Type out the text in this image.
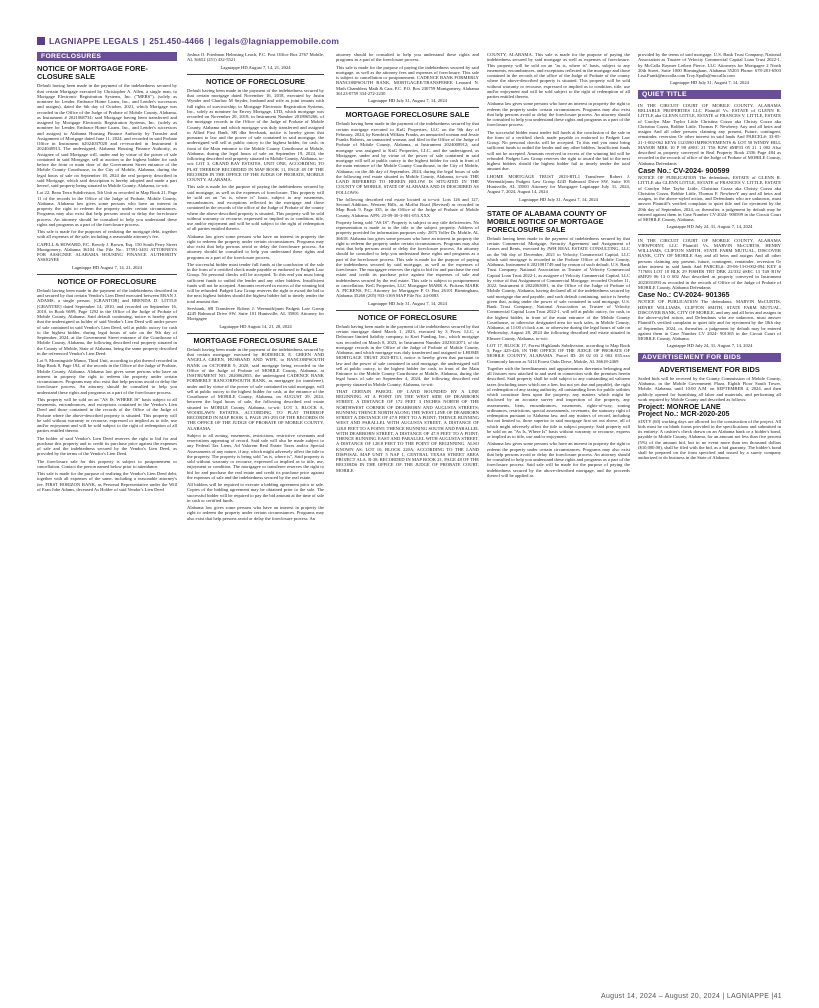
LAGNIAPPE LEGALS | 251.450-4466 | legals@lagniappemobile.com
FORECLOSURES
NOTICE OF MORTGAGE FORE-CLOSURE SALE

Default having been made in the payment of the indebtedness secured by that certain Mortgage executed by Christopher A. Allen, a single man, to Mortgage Electronic Registration Systems, Inc. ("MERS"), (solely as nominee for Lender, Embrace Home Loans, Inc., and Lender's successors and assigns), dated the 6th day of October, 2021, which Mortgage was recorded in the Office of the Judge of Probate of Mobile County, Alabama, as Instrument # 2021068734; said Mortgage having been transferred and assigned by Mortgage Electronic Registration Systems, Inc. (solely as nominee for Lender, Embrace Home Loans, Inc., and Lender's successors and assigns) to Alabama Housing Finance Authority by Transfer and Assignment of Mortgage dated June 11, 2024, and recorded in said Probate Office in Instrument #2024037020 and re-recorded in Instrument # 2024040913. The undersigned, Alabama Housing Finance Authority, as Assignee of said Mortgage will, under and by virtue of the power of sale contained in said Mortgage, sell at auction to the highest bidder for cash before the front or main door of the Government Street entrance of the Mobile County Courthouse, in the City of Mobile, Alabama, during the legal hours of sale on September 18, 2024 the real property described in said Mortgage, which said description is hereby adopted and made a part hereof, said property being situated in Mobile County, Alabama, to-wit:

Lot 22, Beau Terra Subdivision, 5th Unit as recorded in Map Book 21, Page 11 of the records in the Office of the Judge of Probate, Mobile County, Alabama. Alabama law gives some persons who have an interest in property the right to redeem the property under certain circumstances. Programs may also exist that help persons avoid or delay the foreclosure process. An attorney should be consulted to help you understand these rights and programs as a part of the foreclosure process.

This sale is made for the purposes of realizing the mortgage debt, together with all expenses of the sale, including a reasonable attorney's fee.

CAPELL & HOWARD, P.C. Bowdy J. Brown, Esq. 150 South Perry Street Montgomery, Alabama 36104 Our File No.: 37591-3401 ATTORNEYS FOR ASSIGNEE ALABAMA HOUSING FINANCE AUTHORITY ASSIGNEE

Lagniappe HD August 7, 14, 21, 2024
NOTICE OF FORECLOSURE

Default having been made in the payment of the indebtedness described in and secured by that certain Vendor's Lien Deed executed between ERAN J. ADAMS, a single person, [GRANTOR] and BRENDA D. LITTLE [GRANTEE] dated September 14, 2010, and recorded on September 16, 2010, in Book 6699, Page 1292 in the Office of the Judge of Probate of Mobile County, Alabama. Said default continuing, notice is hereby given that the undersigned as holder of said Vendor's Lien Deed will under power of sale contained in said Vendor's Lien Deed, sell at public outcry for cash to the highest bidder, during legal hours of sale on the 9th day of September, 2024, at the Government Street entrance of the Courthouse of Mobile County, Alabama, the following described real property situated in the County of Mobile, State of Alabama, being the same property described in the referenced Vendor's Lien Deed:

Lot 9, Morningside Manor, Third Unit, according to plat thereof recorded in Map Book 8, Page 194, of the records in the Office of the Judge of Probate, Mobile County, Alabama. Alabama law gives some persons who have an interest in property the right to redeem the property under certain circumstances. Programs may also exist that help persons avoid or delay the foreclosure process. An attorney should be consulted to help you understand these rights and programs as a part of the foreclosure process.

This property will be sold on an "AS IS, WHERE IS" basis subject to all easements, encumbrances, and exceptions contained in the Vendor's Lien Deed and those contained in the records of the Office of the Judge of Probate where the above-described property is situated. This property will be sold without warranty or recourse, expressed or implied as to title, use and/or enjoyment and will be sold subject to the right of redemption of all parties entitled thereto.

The holder of said Vendor's Lien Deed reserves the right to bid for and purchase this property and to credit its purchase price against the expenses of sale and the indebtedness secured by the Vendor's Lien Deed, as provided by the terms of the Vendor's Lien Deed.

The foreclosure sale for this property is subject to postponement or cancellation. Contact the person named below prior to attendance.

This sale is made for the purpose of realizing the Vendor's Lien Deed debt, together with all expenses of the same, including a reasonable attorney's fee. FIRST HORIZON BANK, as Personal Representative under the Will of Eran Jobe Adams, deceased As Holder of said Vendor's Lien Deed

Joshua O. Friedman Helmsing Leach, P.C. Post Office Box 2767 Mobile, AL 36652 (251) 432-5521

Lagniappe HD August 7, 14, 21, 2024
NOTICE OF FORECLOSURE

Default having been made in the payment of the indebtedness secured by that certain mortgage dated November 16, 2018, executed by Justin Wynder and Charlaw M Snyder, husband and wife as joint tenants with full rights of survivorship, to Mortgage Electronic Registration Systems, Inc., solely as nominee for Envoy Mortgage, LTD, which mortgage was recorded on November 20, 2018, in Instrument Number 2018065266, of the mortgage records in the Office of the Judge of Probate of Mobile County, Alabama and which mortgage was duly transferred and assigned to Allied First Bank, SB dba Servbank, notice is hereby given that pursuant to law and the power of sale contained in said mortgage, the undersigned will sell at public outcry to the highest bidder, for cash, in front of the Main entrance to the Mobile County Courthouse at Mobile, Alabama, during the legal hours of sale on September 19, 2024, the following described real property situated in Mobile County, Alabama, to-wit: LOT 3, GRAND BAY ESTATES, UNIT ONE, ACCORDING TO PLAT THEREOF RECORDED IN MAP BOOK 11, PAGE 49 OF THE RECORDS IN THE OFFICE OF THE JUDGE OF PROBATE, MOBILE COUNTY, ALABAMA.

This sale is made for the purpose of paying the indebtedness secured by said mortgage, as well as the expenses of foreclosure. This property will be sold on an "as is, where is" basis, subject to any easements, encumbrances, and exceptions reflected in the mortgage and those contained in the records of the office of the Judge of Probate of the county where the above-described property is situated. This property will be sold without warranty or recourse, expressed or implied as to condition, title, use and/or enjoyment and will be sold subject to the right of redemption of all parties entitled thereto.

Alabama law gives some persons who have an interest in property the right to redeem the property under certain circumstances. Programs may also exist that help persons avoid or delay the foreclosure process. An attorney should be consulted to help you understand these rights and programs as a part of the foreclosure process.

The successful bidder must tender full funds at the conclusion of the sale in the form of a certified check made payable or endorsed to Padgett Law Group. No personal checks will be accepted. To this end you must bring sufficient funds to outbid the lender and any other bidders. Insufficient funds will not be accepted. Amounts received in excess of the winning bid will be refunded. Padgett Law Group reserves the right to award the bid to the next highest bidders should the highest bidder fail to timely tender the total amount due.

Servbank, SB Transferee Robert J. Wermuth/jmm Padgett Law Group 4245 Balmoral Drive SW, Suite 101 Huntsville, AL 35801 Attorney for Mortgagee

Lagniappe HD August 14, 21, 28, 2024
MORTGAGE FORECLOSURE SALE

Default having been made in the payment of the indebtedness secured by that certain mortgage executed by RODERICK E. GREEN AND ANGELA GREEN, HUSBAND AND WIFE, to BANCORPSOUTH BANK on OCTOBER 9, 2020, said mortgage being recorded in the Office of the Judge of Probate of MOBILE County, Alabama, at INSTRUMENT NO. 2020062855, the undersigned CADENCE BANK FORMERLY BANCORPSOUTH BANK, as mortgagee (or transferee), under and by virtue of the power of sale contained in said mortgage, will sell at public outcry to the highest bidder for cash, at the entrance of the Courthouse of MOBILE County, Alabama, on AUGUST 29, 2024, between the legal hours of sale, the following described real estate situated in MOBILE County, Alabama, to-wit: LOT 3, BLOCK A, WOODLAWN ESTATES, ACCORDING TO PLAT THEREOF RECORDED IN MAP BOOK 3, PAGE 291-293 OF THE RECORDS IN THE OFFICE OF THE JUDGE OF PROBATE OF MOBILE COUNTY, ALABAMA.

Subject to all zoning, easements, restrictions, restrictive covenants and reservations appearing of record. Said sale will also be made subject to any Federal Tax Liens, Ad Valorem Real Estate Taxes and/or Special Assessments of any nature, if any, which might adversely affect the title to the property. The property is being sold "as is, where is". Said property is sold without warranty or recourse, expressed or implied as to title, use, enjoyment or condition. The mortgagee or transferee reserves the right to bid for and purchase the real estate and credit its purchase price against the expenses of sale and the indebtedness secured by the real estate.

All bidders will be required to execute a bidding agreement prior to sale. Copies of the bidding agreement may be obtained prior to the sale. The successful bidder will be required to pay the bid amount at the time of sale in cash or certified funds.

Alabama law gives some persons who have an interest in property the right to redeem the property under certain circumstances. Programs may also exist that help persons avoid or delay the foreclosure process. An

attorney should be consulted to help you understand these rights and programs as a part of the foreclosure process.

This sale is made for the purpose of paying the indebtedness secured by said mortgage, as well as the attorney fees and expenses of foreclosure. This sale is subject to cancellation or postponement. CADENCE BANK FORMERLY BANCORPSOUTH BANK, MORTGAGEE/TRANSFEREE Leonard N. Math Chambless Math & Carr, P.C. P.O. Box 230759 Montgomery, Alabama 36123-0759 334-272-2230

Lagniappe HD July 31, August 7, 14, 2024
MORTGAGE FORECLOSURE SALE

Default having been made in the payment of the indebtedness secured by that certain mortgage executed to KnG Properties, LLC on the 9th day of February, 2024, by Kendrick Wilkins Franks, an unmarried woman and Jessie Franks Roberts, an unmarried woman, and filed in the Office of the Judge of Probate of Mobile County, Alabama, at Instrument 2024008912; said mortgage was assigned to KnG Properties, LLC, and the undersigned, as Mortgagee, under and by virtue of the power of sale contained in said mortgage will sell at public outcry to the highest bidder for cash in front of the main entrance of the Mobile County Courthouse, in the City of Mobile, Alabama, on the 4th day of September, 2024, during the legal hours of sale the following real estate situated in Mobile County, Alabama, to-wit: THE LAND REFERRED TO HEREIN BELOW IS SITUATED IN THE COUNTY OF MOBILE, STATE OF ALABAMA AND IS DESCRIBED AS FOLLOWS:

The following described real estate located at to-wit: Lots 126 and 127, Second Addition, Western Hills, as Moffat Road (Revised) as recorded in Map Book 9, Page 335, in the Office of the Judge of Probate of Mobile County, Alabama. APN: 23-09-30-3-001-053.XXX

Property being sold "AS IS". Property is subject to any title deficiencies. No representation is made as to the title to the subject property. Address of property provided for information purposes only: 2875 Voller Dr. Mobile, AL 36618. Alabama law gives some persons who have an interest in property the right to redeem the property under certain circumstances. Programs may also exist that help persons avoid or delay the foreclosure process. An attorney should be consulted to help you understand these rights and programs as a part of the foreclosure process. This sale is made for the purpose of paying the indebtedness secured by said mortgage, as well as the expenses of foreclosure. The mortgagee reserves the right to bid for and purchase the real estate and credit its purchase price against the expenses of sale and indebtedness secured by the real estate. This sale is subject to postponement or cancellation. KnG Properties, LLC Mortgagee MARK A. Pickens MARK A. PICKENS, P.C. Attorney for Mortgagee P. O. Box 26101 Birmingham, Alabama 35260 (205) 933-1169 MAP File No. 24-0083

Lagniappe HD July 31, August 7, 14, 2024
NOTICE OF FORECLOSURE

Default having been made in the payment of the indebtedness secured by that certain mortgage dated March 1, 2023, executed by 3 Fives, LLC, a Delaware limited liability company, to Kavi Funding, Inc., which mortgage was recorded on March 8, 2023, in Instrument Number 2023012071, of the mortgage records in the Office of the Judge of Probate of Mobile County, Alabama, and which mortgage was duly transferred and assigned to LHOME MORTGAGE TRUST 2023-RTL1, notice is hereby given that pursuant to law and the power of sale contained in said mortgage, the undersigned will sell at public outcry, to the highest bidder for cash, in front of the Main Entrance to the Mobile County Courthouse at Mobile, Alabama, during the legal hours of sale on September 4, 2024, the following described real property situated in Mobile County, Alabama, to-wit:

THAT CERTAIN PARCEL OF LAND BOUNDED BY A LINE BEGINNING AT A POINT ON THE WEST SIDE OF DEARBORN STREET, A DISTANCE OF 172 FEET 3 INCHES NORTH OF THE NORTHWEST CORNER OF DEARBORN AND AUGUSTA STREETS; RUNNING THENCE NORTH ALONG THE WEST LINE OF DEARBORN STREET A DISTANCE OF 47.9 FEET TO A POINT; THENCE RUNNING WEST AND PARALLEL WITH AUGUSTA STREET, A DISTANCE OF 128.8 FEET TO A POINT; THENCE RUNNING SOUTH AND PARALLEL WITH DEARBORN STREET, A DISTANCE OF 47.9 FEET TO A POINT; THENCE RUNNING EAST AND PARALLEL WITH AUGUSTA STREET, A DISTANCE OF 128.8 FEET TO THE POINT OF BEGINNING. ALSO KNOWN AS: LOT 10, BLOCK 220A, ACCORDING TO THE LAND DISPOSAL MAP UNIT 5 NAP 1, CENTRAL TEXAS STREET AREA PROJECT ALA. R-38, RECORDED IN MAP BOOK 21, PAGE 48 OF THE RECORDS IN THE OFFICE OF THE JUDGE OF PROBATE COURT, MOBILE

COUNTY, ALABAMA. This sale is made for the purpose of paying the indebtedness secured by said mortgage as well as expenses of foreclosure. This property will be sold on an "as is, where is" basis, subject to any easements, encumbrances, and exceptions reflected in the mortgage and those contained in the records of the office of the Judge of Probate of the county where the above-described property is situated. This property will be sold without warranty or recourse, expressed or implied as to condition, title, use and/or enjoyment and will be sold subject to the right of redemption of all parties entitled thereto.

Alabama law gives some persons who have an interest in property the right to redeem the property under certain circumstances. Programs may also exist that help persons avoid or delay the foreclosure process. An attorney should be consulted to help you understand these rights and programs as a part of the foreclosure process.

The successful bidder must tender full funds at the conclusion of the sale in the form of a certified check made payable or endorsed to Padgett Law Group. No personal checks will be accepted. To this end you must bring sufficient funds to outbid the lender and any other bidders. Insufficient funds will not be accepted. Amounts received in excess of the winning bid will be refunded. Padgett Law Group reserves the right to award the bid to the next highest bidders should the highest bidder fail to timely tender the total amount due.

LHOME MORTGAGE TRUST 2023-RTL1 Transferee Robert J. Wermuth/jmm Padgett Law Group 4245 Balmoral Drive SW, Suite 101 Huntsville, AL 35801 Attorney for Mortgagee Lagniappe July 31, 2024, August 7, 2024, August 14, 2024

Lagniappe HD July 31, August 7, 14, 2024
STATE OF ALABAMA COUNTY OF MOBILE NOTICE OF MORTGAGE FORECLOSURE SALE

Default having been made in the payment of indebtedness secured by that certain Commercial Mortgage, Security Agreement and Assignment of Leases and Rents, executed by JWH REAL ESTATE CONSULTING, LLC on the 9th day of December, 2021 to Velocity Commercial Capital, LLC which said mortgage is recorded in the Probate Office of Mobile County, Alabama, Instrument # 2021081749 and by reason of such default, U.S. Bank Trust Company, National Association as Trustee of Velocity Commercial Capital Loan Trust 2022-1, as assignee of Velocity Commercial Capital, LLC by virtue of that Assignment of Commercial Mortgage, recorded October 11, 2022, Instrument # 2022063001, in the Office of the Judge of Probate of Mobile County, Alabama, having declared all of the indebtedness secured by said mortgage due and payable, and such default continuing, notice is hereby given that, acting under the power of sale contained in said mortgage, U.S. Bank Trust Company, National Association as Trustee of Velocity Commercial Capital Loan Trust 2022-1, will sell at public outcry, for cash, to the highest bidder, in front of the main entrance of the Mobile County Courthouse, or otherwise designated area for such sales, in Mobile County, Alabama, at 11:00 o'clock a.m. or otherwise during the legal hours of sale on Wednesday, August 28, 2024 the following described real estate situated in Elmore County, Alabama, to-wit:

LOT 17, BLOCK 17, Forest Highlands Subdivision, according to Map Book 5, Page 425-426, IN THE OFFICE OF THE JUDGE OF PROBATE OF MOBILE COUNTY, ALABAMA. Parcel ID: 28 02 03 2 002 035.xxx Commonly known as 5414 Forest Oaks Drive, Mobile, AL 36618-2469

Together with the hereditaments and appurtenances thereunto belonging and all fixtures now attached to and used in connection with the premises herein described. Said property shall be sold subject to any outstanding ad valorem taxes (including taxes which are a lien, but not yet due and payable), the right of redemption of any taxing authority, all outstanding liens for public utilities which constitute liens upon the property, any matters which might be disclosed by an accurate survey and inspection of the property, any assessments, liens, encumbrances, easements, rights-of-way, zoning ordinances, restrictions, special assessments, covenants, the statutory right of redemption pursuant to Alabama law, and any matters of record, including but not limited to, those superior to said mortgage first set out above, all of which might adversely affect the title to subject property. Said property will be sold on an "As Is, Where Is" basis without warranty or recourse, express or implied as to title, use and/or enjoyment.

Alabama law gives some persons who have an interest in property the right to redeem the property under certain circumstances. Programs may also exist that help persons avoid or delay the foreclosure process. An attorney should be consulted to help you understand these rights and programs as a part of the foreclosure process. Said sale will be made for the purpose of paying the indebtedness secured by the above-described mortgage, and the proceeds thereof will be applied as

provided by the terms of said mortgage. U.S. Bank Trust Company, National Association as Trustee of Velocity Commercial Capital Loan Trust 2022-1, by McCalla Raymer Leibert Pierce, LLC Attorneys for Mortgagee 2 North 20th Street, Suite 1000 Birmingham, Alabama 35203 Phone: 678-281-6503 Lisa.Frank@mccalla.com Troy.Spalls@mccalla.com

Lagniappe HD July 31, August 7, 14, 2024
QUIET TITLE

IN THE CIRCUIT COURT OF MOBILE COUNTY, ALABAMA RELIABLE PROPERTIES LLC Plaintiff Vs. ESTATE of GLENN R. LITTLE aka GLENN LITTLE, ESTATE of FRANCES V. LITTLE, ESTATE of Carolyn Mae Taylor Little Christina Cozza aka Christy Cozza aka Christina Cozza, Robbie Little, Thomas F. Newberry Any and all heirs and assigns And all other persons claiming any present, Future, contingent, remainder, reversion Or other interest in said lands And PARCEL#: 33-05-21-1-002-062 KEY# 1123590 IMPROVEMENTS & LOT 58 WINDY HILL MANOR MBK 10 P 98 #SEC 21 T5S R2W #MP33 05 21 1 002 Also described as property conveyed in Real Property Book 2336 Page 484 as recorded in the records of office of the Judge of Probate of MOBILE County, Alabama Defendants

Case No.: CV-2024- 900599

NOTICE OF PUBLICATION The defendants, ESTATE of GLENN R. LITTLE aka GLENN LITTLE, ESTATE of FRANCES V. LITTLE, ESTATE of Carolyn Mae Taylor Little, Christina Cozza aka Christy Cozza aka Christina Cozza, Robbie Little, Thomas F. NewberrY any and all heirs and assigns, in the above-styled action, and Defendants who are unknown, must answer Plaintiff's verified complaint to quiet title and for ejectment by the 20th day of September, 2024, or, thereafter, a judgement by default may be entered against them in Case Number CV-2024- 900599 in the Circuit Court of MOBILE County, Alabama.

Lagniappe HD July 24, 31, August 7, 14, 2024

IN THE CIRCUIT COURT OF MOBILE COUNTY, ALABAMA VIEWPOINT, LLC Plaintiff Vs. MARVIN McCURTIS, HENRY WILLIAMS, CLIFTON SMITH, STATE FARM MUTUAL, DISCOVER BANK, CITY OF MOBILE Any and all heirs and assigns And all other persons claiming any present, future, contingent, remainder, reversion Or other interest in said lands And PARCEL#: 29-06-13-0-002-094 KEY # 717683 LOT 18 BLK 29 FISHER TRT DBK 22/332 #SEC 13 T4S R1W #MP29 06 13 0 002 Also described as property conveyed in Instrument 2023031093 as recorded in the records of Office of the Judge of Probate of MOBILE County, Alabama Defendants

Case No.: CV-2024- 901365

NOTICE OF PUBLICATION The defendants, MARVIN McCURTIS, HENRY WILLIAMS, CLIFTON SMITH, STATE FARM MUTUAL, DISCOVER BANK, CITY OF MOBILE, and any and all heirs and assigns in the above-styled action, and Defendants who are unknown, must answer Plaintiff's verified complaint to quiet title and for ejectment by the 18th day of September, 2024, or, thereafter, a judgement by default may be entered against them in Case Number CV 2024- 901365 in the Circuit Court of MOBILE County, Alabama.

Lagniappe HD July 24, 31, August 7, 14, 2024
ADVERTISEMENT FOR BIDS
ADVERTISEMENT FOR BIDS

Sealed bids will be received by the County Commission of Mobile County, Alabama, in the Mobile Government Plaza, Eighth Floor South Tower, Mobile, Alabama, until 10:00 A.M. on SEPTEMBER 4, 2024, and then publicly opened for furnishing all labor and materials, and performing all work required by Mobile County and described as follows:

Project: MONROE LANE
Project No.: MCR-2020-205

SIXTY (60) working days are allowed for the construction of the project. All bids must be on blank forms provided in the specifications and submitted in its entirety. A cashier's check drawn on an Alabama bank or a bidder's bond, payable to Mobile County, Alabama, for an amount not less than five percent (5%) of the amount bid, but in no event more than ten thousand dollars ($10,000.00), shall be filed with the bid, as a bid guaranty. The bidder's bond shall be prepared on the form specified and issued by a surety company authorized to do business in the State of Alabama.

August 14, 2024 – August 20, 2024 | LAGNIAPPE |41
